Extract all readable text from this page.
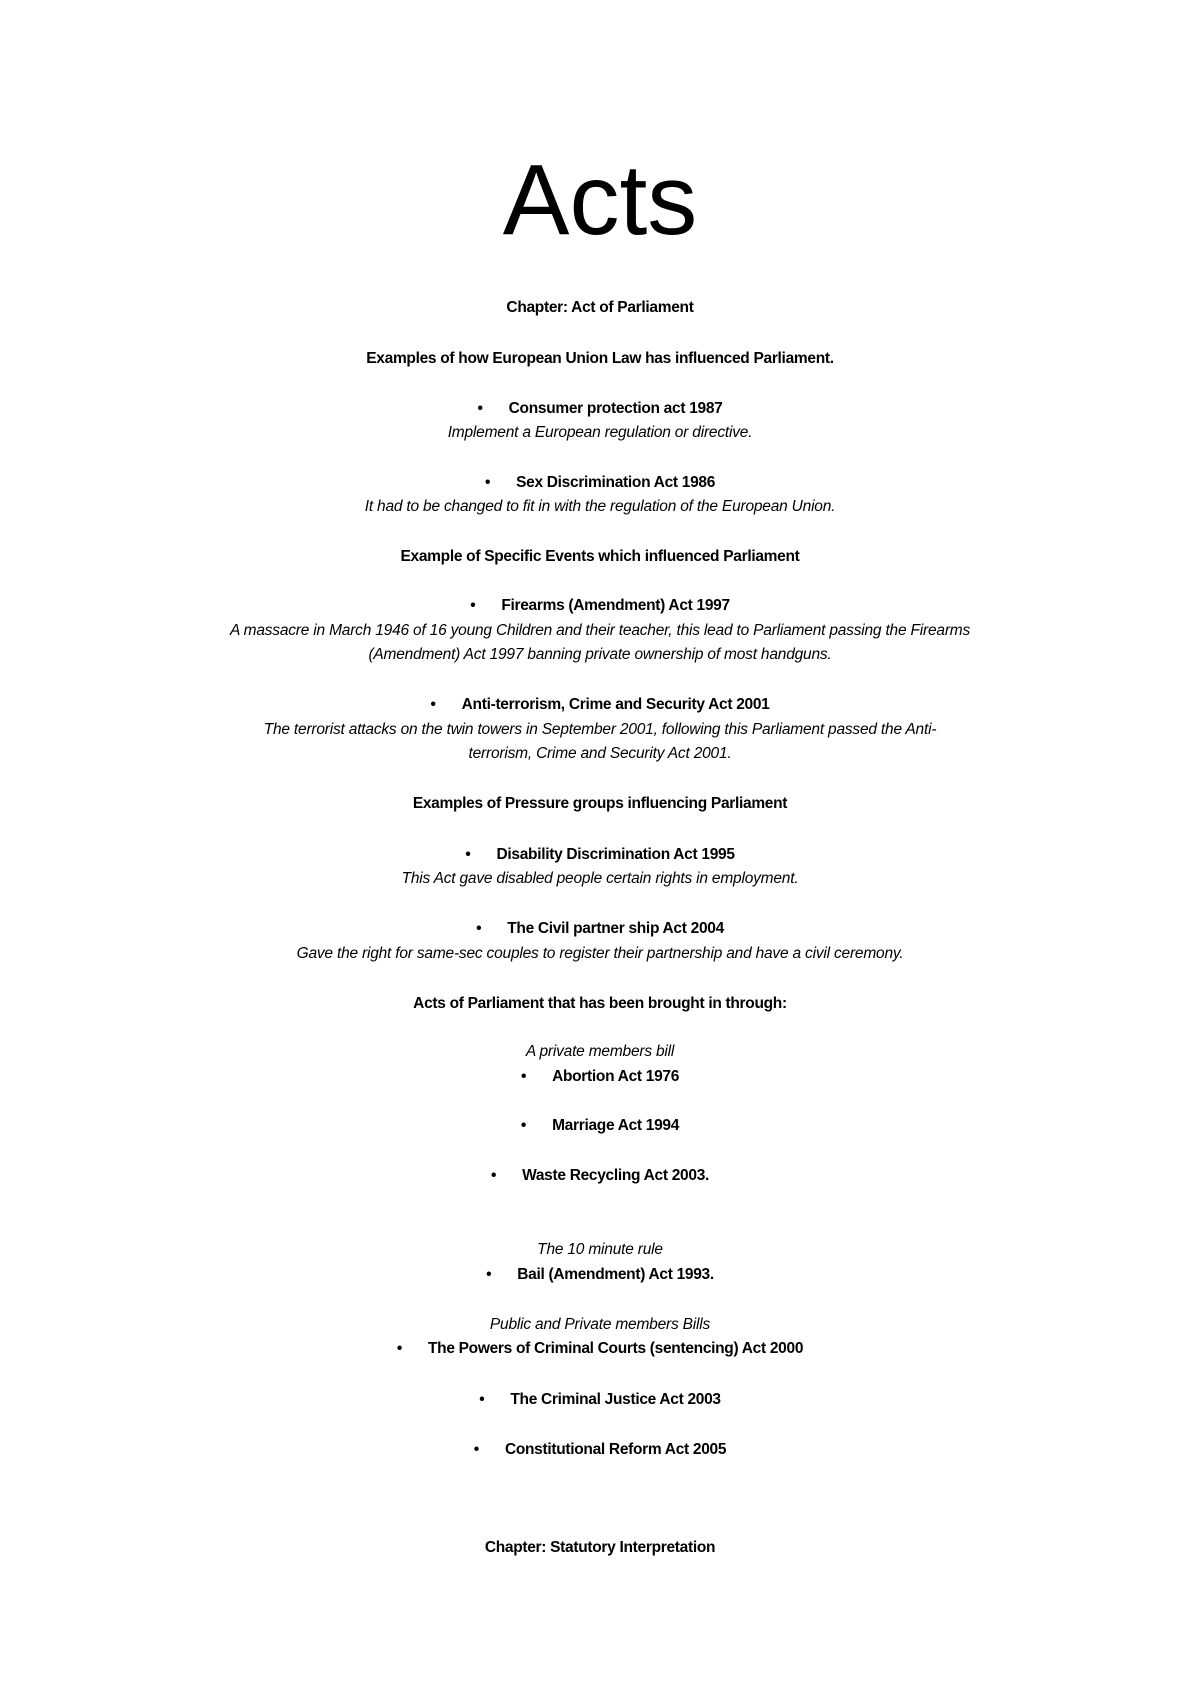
Acts
Chapter: Act of Parliament
Examples of how European Union Law has influenced Parliament.
• Consumer protection act 1987
Implement a European regulation or directive.
• Sex Discrimination Act 1986
It had to be changed to fit in with the regulation of the European Union.
Example of Specific Events which influenced Parliament
• Firearms (Amendment) Act 1997
A massacre in March 1946 of 16 young Children and their teacher, this lead to Parliament passing the Firearms
(Amendment) Act 1997 banning private ownership of most handguns.
• Anti-terrorism, Crime and Security Act 2001
The terrorist attacks on the twin towers in September 2001, following this Parliament passed the Anti-
terrorism, Crime and Security Act 2001.
Examples of Pressure groups influencing Parliament
• Disability Discrimination Act 1995
This Act gave disabled people certain rights in employment.
• The Civil partner ship Act 2004
Gave the right for same-sec couples to register their partnership and have a civil ceremony.
Acts of Parliament that has been brought in through:
A private members bill
• Abortion Act 1976
• Marriage Act 1994
• Waste Recycling Act 2003.
The 10 minute rule
• Bail (Amendment) Act 1993.
Public and Private members Bills
• The Powers of Criminal Courts (sentencing) Act 2000
• The Criminal Justice Act 2003
• Constitutional Reform Act 2005
Chapter: Statutory Interpretation
